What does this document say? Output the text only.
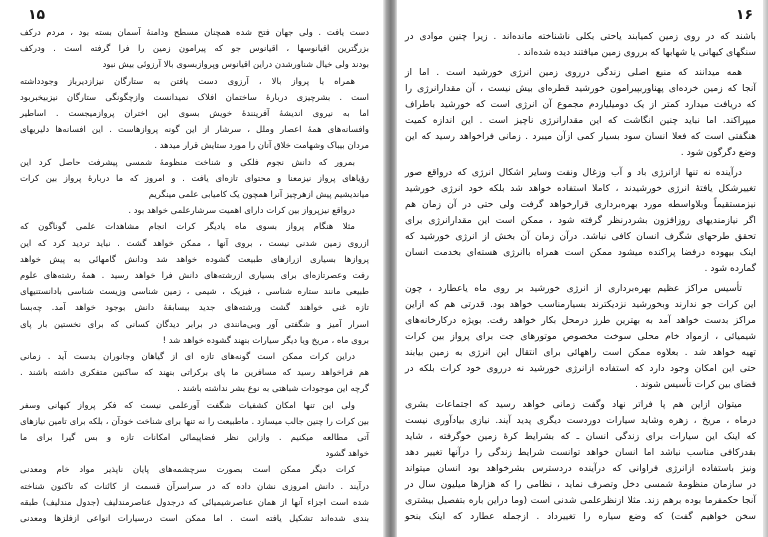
۱۵
دست یافت . ولی جهان فتح شده همچنان مسطح ودامنهٔ آسمان بسته بود ، مردم درکف
بزرگترین اقیانوسها ، اقیانوس جو که پیرامون زمین را فرا گرفته است . ودرکف
بودند ولی خیال شناورشدن دراین اقیانوس وپروازبسوی بالا آرزوئی بیش نبود
همراه با پرواز بالا ، آرزوی دست یافتن به ستارگان نیزازدیرباز وجودداشته
است . بشرچیزی دربارهٔ ساختمان افلاک نمیدانست وازچگونگی ستارگان نیزبیخبربود
اما به نیروی اندیشهٔ آفرینندهٔ خویش بسوی این اختران پروازمیجست . اساطیر
وافسانه‌های همهٔ اعصار وملل ، سرشار از این گونه پروازهاست . این افسانه‌ها دلیریهای
مردان بیباک وشهامت خلاق آنان را مورد ستایش قرار میدهد .
بمرور که دانش نجوم فلکی و شناخت منظومهٔ شمسی پیشرفت حاصل کرد این
رؤیاهای پرواز نیزمعنا و محتوای تازه‌ای یافت . و امروز که ما دربارهٔ پرواز بین کرات
میاندیشیم پیش ازهرچیز آنرا همچون یک کامیابی علمی مینگریم
درواقع نیزپرواز بین کرات دارای اهمیت سرشارعلمی خواهد بود .
مثلا هنگام پرواز بسوی ماه یادیگر کرات انجام مشاهدات علمی گوناگون که
ازروی زمین شدنی نیست ، بروی آنها ، ممکن خواهد گشت . نباید تردید کرد که این
پروازها بسیاری ازرازهای طبیعت گشوده خواهد شد ودانش گامهائی به پیش خواهد
رفت وعصرتازه‌ای برای بسیاری ازرشته‌های دانش فرا خواهد رسید . همهٔ رشته‌های علوم
طبیعی مانند ستاره شناسی ، فیزیک ، شیمی ، زمین شناسی وزیست شناسی بادانستنیهای
تازه غنی خواهند گشت ورشته‌های جدید بیسابقهٔ دانش بوجود خواهد آمد. چه‌بسا
اسرار آمیز و شگفتی آور وبی‌مانندی در برابر دیدگان کسانی که برای نخستین بار پای
بروی ماه ، مریخ ویا دیگر سیارات بنهند گشوده خواهد شد !
دراین کرات ممکن است گونه‌های تازه ای از گیاهان وجانوران بدست آید . زمانی
هم فراخواهد رسید که مسافرین ما پای برکراتی بنهند که ساکنین متفکری داشته باشند .
گرچه این موجودات شباهتی به نوع بشر نداشته باشند .
ولی این تنها امکان کشفیات شگفت آورعلمی نیست که فکر پرواز کیهانی وسفر
بین کرات را چنین جالب میسازد . ماطبیعت را نه تنها برای شناخت خودآن ، بلکه برای تامین نیازهای
آتی مطالعه میکنیم . وازاین نظر فضاپیمائی امکانات تازه و بس گیرا برای ما
خواهد گشود
کرات دیگر ممکن است بصورت سرچشمه‌های پایان ناپذیر مواد خام ومعدنی
درآیند . دانش امروزی نشان داده که در سراسرآن قسمت از کائنات که تاکنون شناخته
شده است اجزاء آنها از همان عناصرشیمیائی که درجدول عناصرمندلیف (جدول مندلیف) طبقه
بندی شده‌اند تشکیل یافته است . اما ممکن است درسیارات انواعی ازفلزها ومعدنی
۱۶
باشند که در روی زمین کمیابند یاحتی بکلی ناشناخته مانده‌اند . زیرا چنین موادی در
سنگهای کیهانی یا شهابها که برروی زمین میافتند دیده شده‌اند .
همه میدانند که منبع اصلی زندگی درروی زمین انرژی خورشید است . اما از
آنجا که زمین خرده‌ای پهناوربپیرامون خورشید قطره‌ای بیش نیست ، آن مقدارانرژی را
که دریافت میدارد کمتر از یک دومیلیاردم مجموع آن انرژی است که خورشید باطراف
میپراکند. اما نباید چنین انگاشت که این مقدارانرژی ناچیز است . این اندازه کمیت
هنگفتی است که فعلا انسان سود بسیار کمی ازآن میبرد . زمانی فراخواهد رسید که این
وضع دگرگون شود .
درآینده نه تنها ازانرژی باد و آب وزغال ونفت وسایر اشکال انرژی که درواقع صور
تغییرشکل یافتهٔ انرژی خورشیدند ، کاملا استفاده خواهد شد بلکه خود انرژی خورشید
نیزمستقیماً وبلاواسطه مورد بهره‌برداری قرارخواهد گرفت ولی حتی در آن زمان هم
اگر نیازمندیهای روزافزون بشردرنظر گرفته شود ، ممکن است این مقدارانرژی برای
تحقق طرحهای شگرف انسان کافی نباشد. درآن زمان آن بخش از انرژی خورشید که
اینک بیهوده درفضا پراکنده میشود ممکن است همراه باانرژی هسته‌ای بخدمت انسان
گمارده شود .
تأسیس مراکز عظیم بهره‌برداری از انرژی خورشید بر روی ماه یاعطارد ، چون
این کرات جو ندارند وبخورشید نزدیکترند بسیارمناسب خواهد بود. قدرتی هم که ازاین
مراکز بدست خواهد آمد به بهترین طرز درمحل بکار خواهد رفت. بویژه درکارخانه‌های
شیمیائی ، ازمواد خام محلی سوخت مخصوص موتورهای جت برای پرواز بین کرات
تهیه خواهد شد . بعلاوه ممکن است راههائی برای انتقال این انرژی به زمین بیابند
حتی این امکان وجود دارد که استفاده ازانرژی خورشید نه درروی خود کرات بلکه در
فضای بین کرات تأسیس شوند .
میتوان ازاین هم پا فراتر نهاد وگفت زمانی خواهد رسید که اجتماعات بشری
درماه ، مریخ ، زهره وشاید سیارات دوردست دیگری پدید آیند. نیازی بیادآوری نیست
که اینک این سیارات برای زندگی انسان ـ که بشرایط کرهٔ زمین خوگرفته ، شاید
بقدرکافی مناسب نباشد اما انسان خواهد توانست شرایط زندگی را درآنها تغییر دهد
ونیز باستفاده ازانرژی فراوانی که درآینده دردسترس بشرخواهد بود انسان میتواند
در سازمان منظومهٔ شمسی دخل وتصرف نماید ، نظامی را که هزارها میلیون سال در
آنجا حکمفرما بوده برهم زند. مثلا ازنظرعلمی شدنی است (وما دراین باره بتفصیل بیشتری
سخن خواهیم گفت) که وضع سیاره را تغییرداد . ازجمله عطارد که اینک بنحو
